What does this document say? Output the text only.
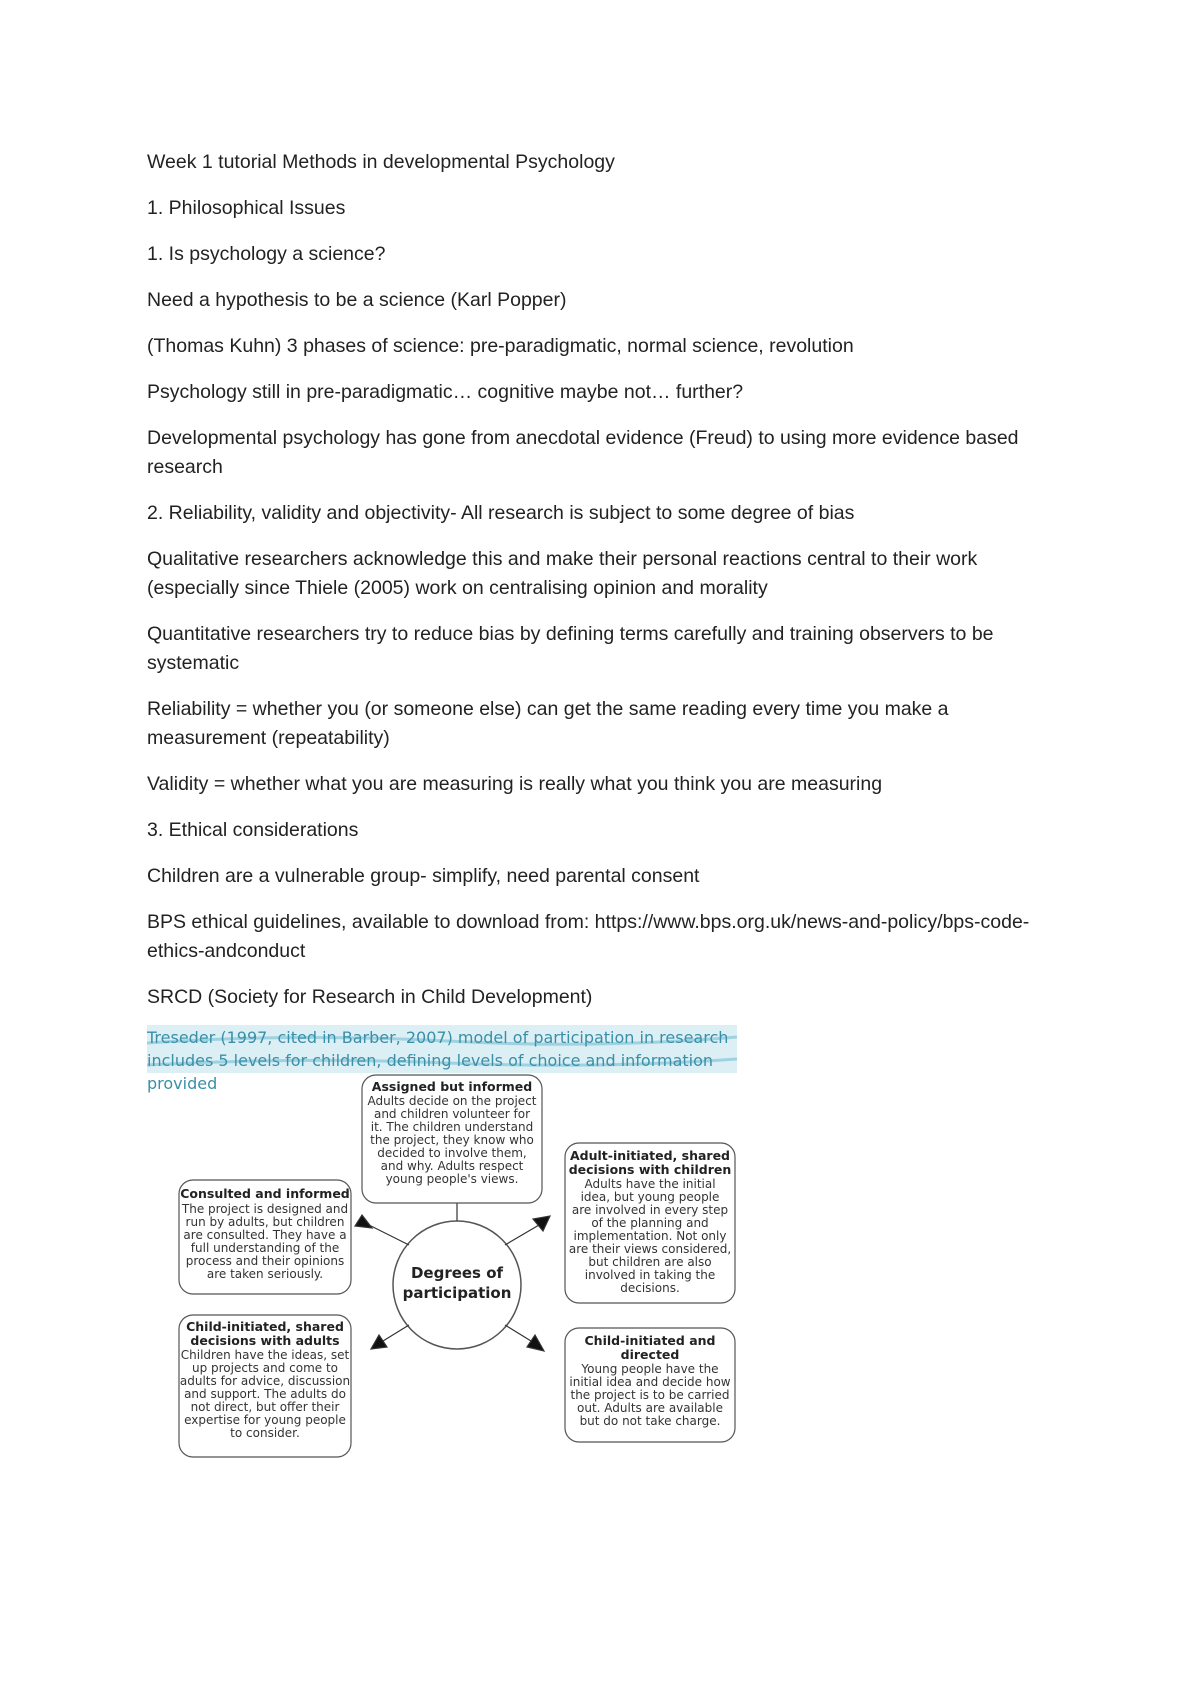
Week 1 tutorial Methods in developmental Psychology

1. Philosophical Issues

1. Is psychology a science?

Need a hypothesis to be a science (Karl Popper)

(Thomas Kuhn) 3 phases of science: pre-paradigmatic, normal science, revolution

Psychology still in pre-paradigmatic… cognitive maybe not… further?

Developmental psychology has gone from anecdotal evidence (Freud) to using more evidence based research

2. Reliability, validity and objectivity- All research is subject to some degree of bias

Qualitative researchers acknowledge this and make their personal reactions central to their work (especially since Thiele (2005) work on centralising opinion and morality

Quantitative researchers try to reduce bias by defining terms carefully and training observers to be systematic

Reliability = whether you (or someone else) can get the same reading every time you make a measurement (repeatability)

Validity = whether what you are measuring is really what you think you are measuring

3. Ethical considerations

Children are a vulnerable group- simplify, need parental consent

BPS ethical guidelines, available to download from: https://www.bps.org.uk/news-and-policy/bps-code-ethics-andconduct

SRCD (Society for Research in Child Development)

Treseder (1997, cited in Barber, 2007) model of participation in research
includes 5 levels for children, defining levels of choice and information
provided
Degrees of
participation
Assigned but informed
Adults decide on the project
and children volunteer for
it. The children understand
the project, they know who
decided to involve them,
and why. Adults respect
young people's views.
Consulted and informed
The project is designed and
run by adults, but children
are consulted. They have a
full understanding of the
process and their opinions
are taken seriously.
Adult-initiated, shared
decisions with children
Adults have the initial
idea, but young people
are involved in every step
of the planning and
implementation. Not only
are their views considered,
but children are also
involved in taking the
decisions.
Child-initiated, shared
decisions with adults
Children have the ideas, set
up projects and come to
adults for advice, discussion
and support. The adults do
not direct, but offer their
expertise for young people
to consider.
Child-initiated and
directed
Young people have the
initial idea and decide how
the project is to be carried
out. Adults are available
but do not take charge.
